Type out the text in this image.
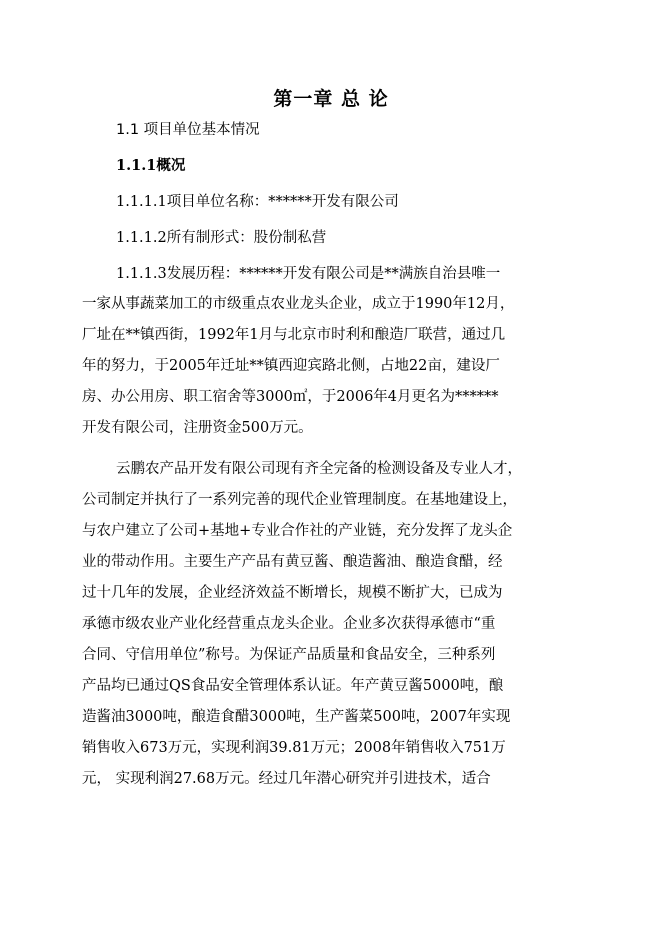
第一章 总 论
1.1 项目单位基本情况
1.1.1概况
1.1.1.1项目单位名称：******开发有限公司
1.1.1.2所有制形式：股份制私营
1.1.1.3发展历程：******开发有限公司是**满族自治县唯一
一家从事蔬菜加工的市级重点农业龙头企业，成立于1990年12月，
厂址在**镇西街，1992年1月与北京市时利和酿造厂联营，通过几
年的努力，于2005年迁址**镇西迎宾路北侧，占地22亩，建设厂
房、办公用房、职工宿舍等3000㎡，于2006年4月更名为******
开发有限公司，注册资金500万元。
云鹏农产品开发有限公司现有齐全完备的检测设备及专业人才，
公司制定并执行了一系列完善的现代企业管理制度。在基地建设上，
与农户建立了公司+基地+专业合作社的产业链，充分发挥了龙头企
业的带动作用。主要生产产品有黄豆酱、酿造酱油、酿造食醋，经
过十几年的发展，企业经济效益不断增长，规模不断扩大，已成为
承德市级农业产业化经营重点龙头企业。企业多次获得承德市“重
合同、守信用单位”称号。为保证产品质量和食品安全，三种系列
产品均已通过QS食品安全管理体系认证。年产黄豆酱5000吨，酿
造酱油3000吨，酿造食醋3000吨，生产酱菜500吨，2007年实现
销售收入673万元，实现利润39.81万元；2008年销售收入751万
元， 实现利润27.68万元。经过几年潜心研究并引进技术，适合
